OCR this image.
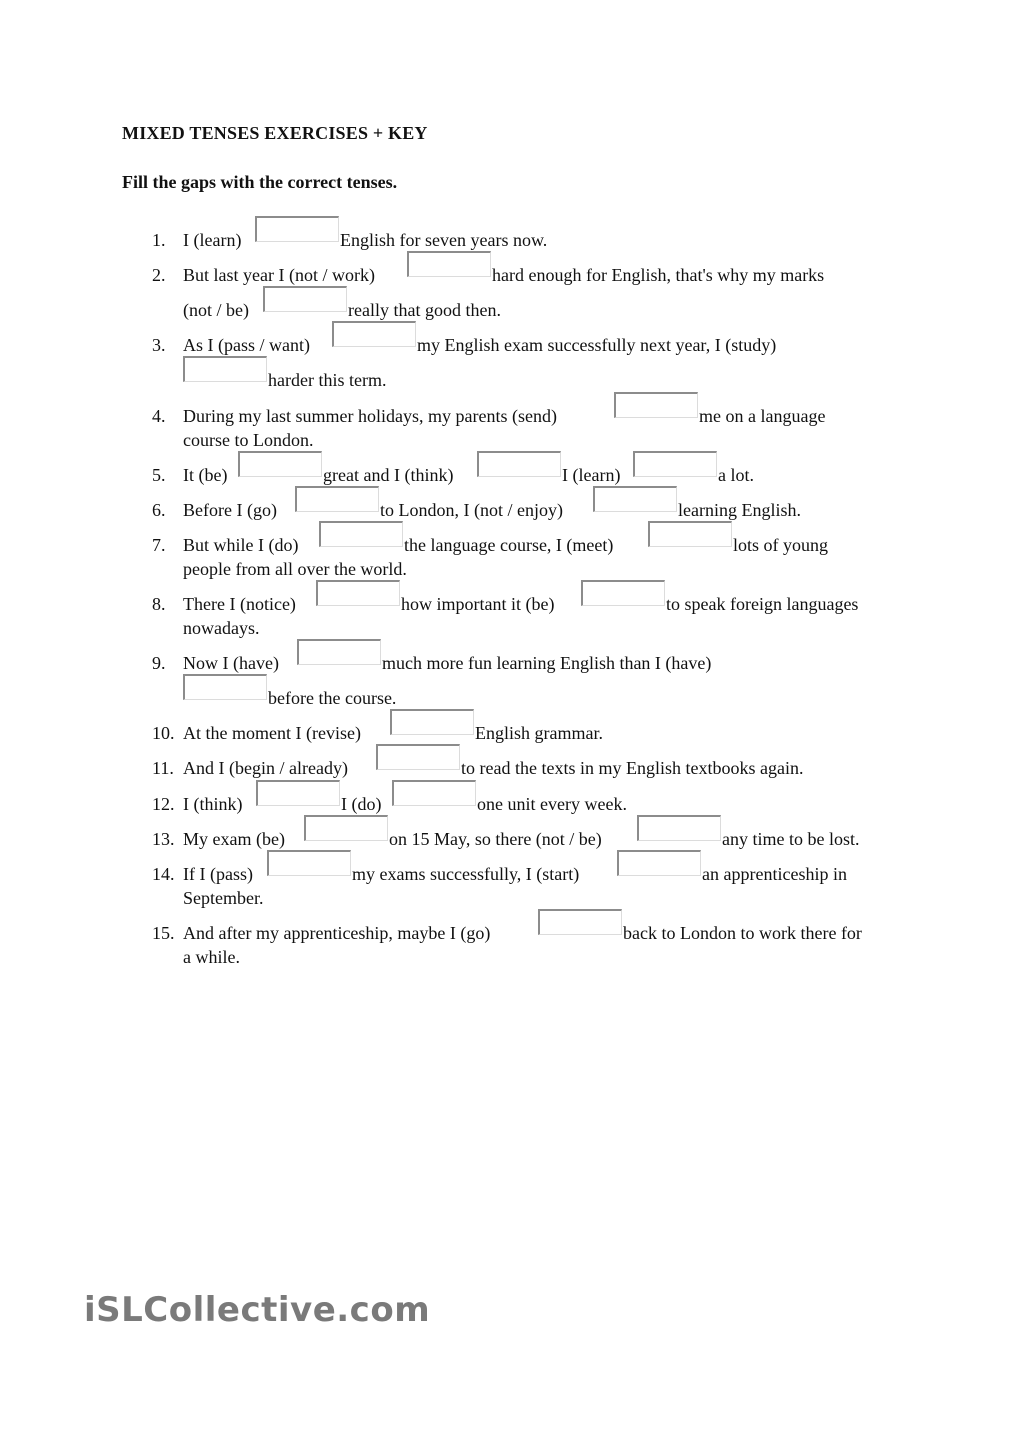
MIXED TENSES EXERCISES + KEY
Fill the gaps with the correct tenses.
1. I (learn)	English for seven years now.
2. But last year I (not / work)	hard enough for English, that's why my marks
(not / be)	really that good then.
3. As I (pass / want)	my English exam successfully next year, I (study)
harder this term.
4. During my last summer holidays, my parents (send)	me on a language
course to London.
5. It (be)	great and I (think)	I (learn)	a lot.
6. Before I (go)	to London, I (not / enjoy)	learning English.
7. But while I (do)	the language course, I (meet)	lots of young
people from all over the world.
8. There I (notice)	how important it (be)	to speak foreign languages
nowadays.
9. Now I (have)	much more fun learning English than I (have)
before the course.
10. At the moment I (revise)	English grammar.
11. And I (begin / already)	to read the texts in my English textbooks again.
12. I (think)	I (do)	one unit every week.
13. My exam (be)	on 15 May, so there (not / be)	any time to be lost.
14. If I (pass)	my exams successfully, I (start)	an apprenticeship in
September.
15. And after my apprenticeship, maybe I (go)	back to London to work there for
a while.
iSLCollective.com
